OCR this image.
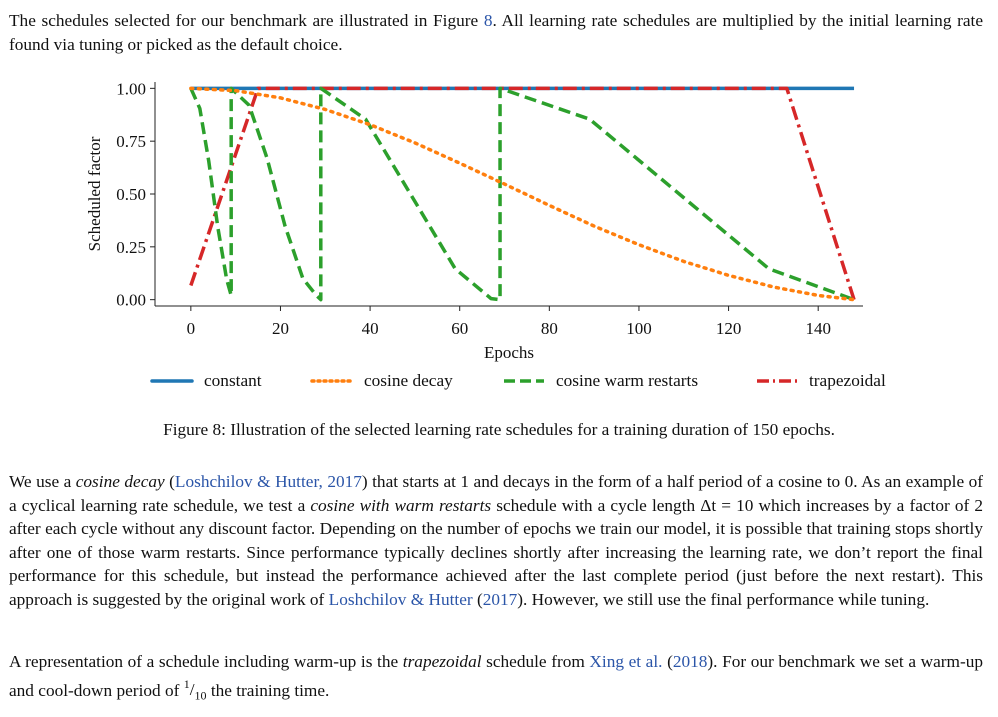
The schedules selected for our benchmark are illustrated in Figure 8. All learning rate schedules are multiplied by the initial learning rate found via tuning or picked as the default choice.

0	20	40	60	80	100	120	140
0.00
0.25
0.50
0.75
1.00
Epochs
Scheduled factor
constant	cosine decay	cosine warm restarts	trapezoidal

Figure 8: Illustration of the selected learning rate schedules for a training duration of 150 epochs.

We use a cosine decay (Loshchilov & Hutter, 2017) that starts at 1 and decays in the form of a half period of a cosine to 0. As an example of a cyclical learning rate schedule, we test a cosine with warm restarts schedule with a cycle length Δt = 10 which increases by a factor of 2 after each cycle without any discount factor. Depending on the number of epochs we train our model, it is possible that training stops shortly after one of those warm restarts. Since performance typically declines shortly after increasing the learning rate, we don’t report the final performance for this schedule, but instead the performance achieved after the last complete period (just before the next restart). This approach is suggested by the original work of Loshchilov & Hutter (2017). However, we still use the final performance while tuning.

A representation of a schedule including warm-up is the trapezoidal schedule from Xing et al. (2018). For our benchmark we set a warm-up and cool-down period of $^1/_{10}$ the training time.
